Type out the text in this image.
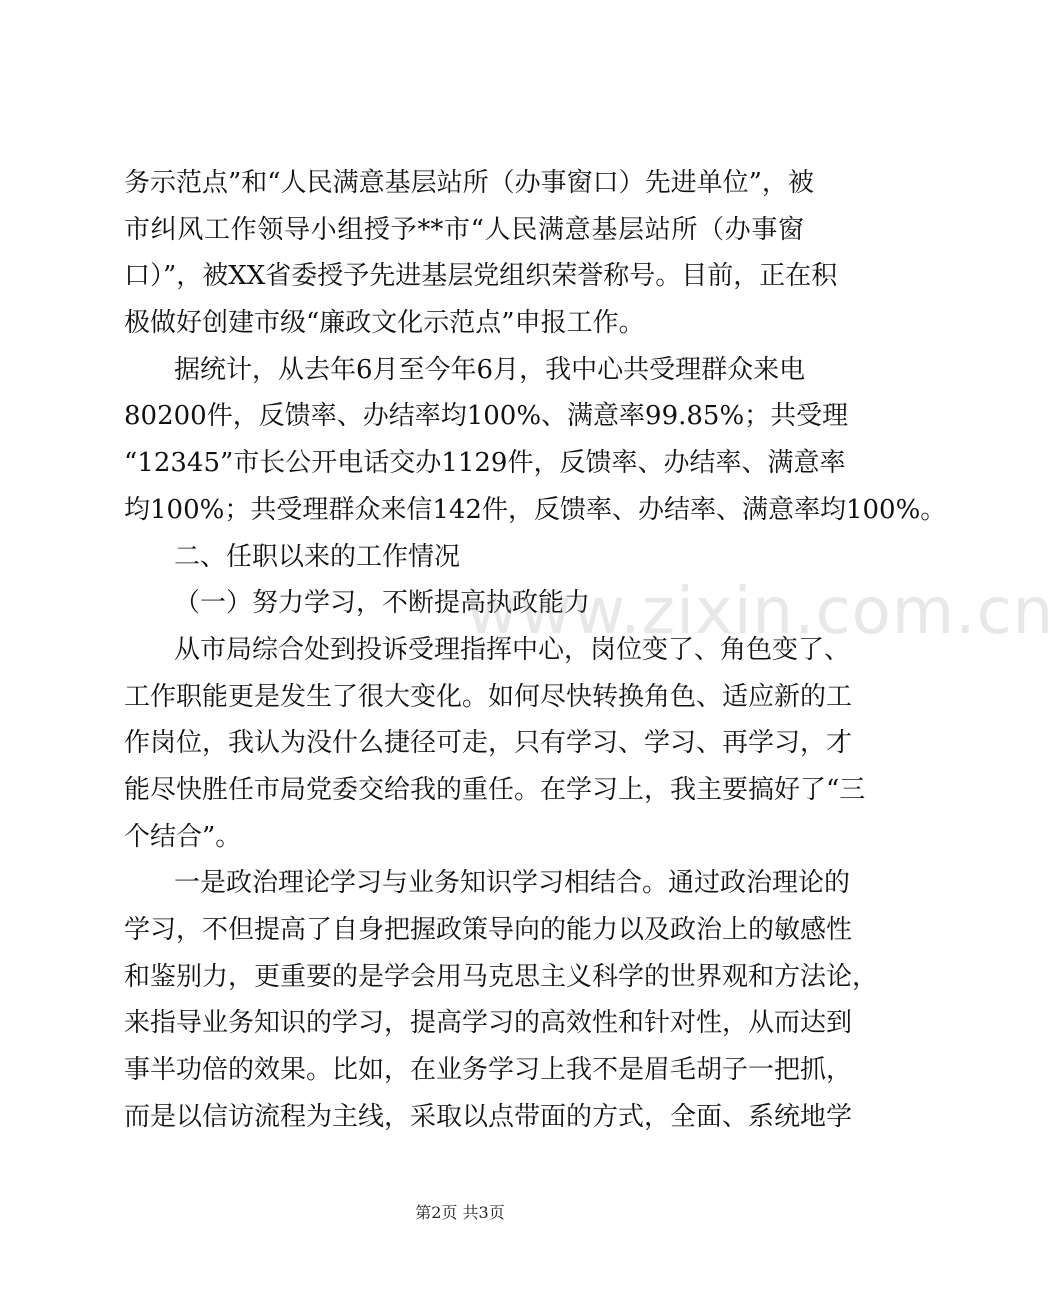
务示范点”和“人民满意基层站所（办事窗口）先进单位”，被
市纠风工作领导小组授予**市“人民满意基层站所（办事窗
口）”，被XX省委授予先进基层党组织荣誉称号。目前，正在积
极做好创建市级“廉政文化示范点”申报工作。
据统计，从去年6月至今年6月，我中心共受理群众来电
80200件，反馈率、办结率均100%、满意率99.85%；共受理
“12345”市长公开电话交办1129件，反馈率、办结率、满意率
均100%；共受理群众来信142件，反馈率、办结率、满意率均100%。
二、任职以来的工作情况
（一）努力学习，不断提高执政能力
从市局综合处到投诉受理指挥中心，岗位变了、角色变了、
工作职能更是发生了很大变化。如何尽快转换角色、适应新的工
作岗位，我认为没什么捷径可走，只有学习、学习、再学习，才
能尽快胜任市局党委交给我的重任。在学习上，我主要搞好了“三
个结合”。
一是政治理论学习与业务知识学习相结合。通过政治理论的
学习，不但提高了自身把握政策导向的能力以及政治上的敏感性
和鉴别力，更重要的是学会用马克思主义科学的世界观和方法论，
来指导业务知识的学习，提高学习的高效性和针对性，从而达到
事半功倍的效果。比如，在业务学习上我不是眉毛胡子一把抓，
而是以信访流程为主线，采取以点带面的方式，全面、系统地学
www.zixin.com.cn
第2页 共3页
